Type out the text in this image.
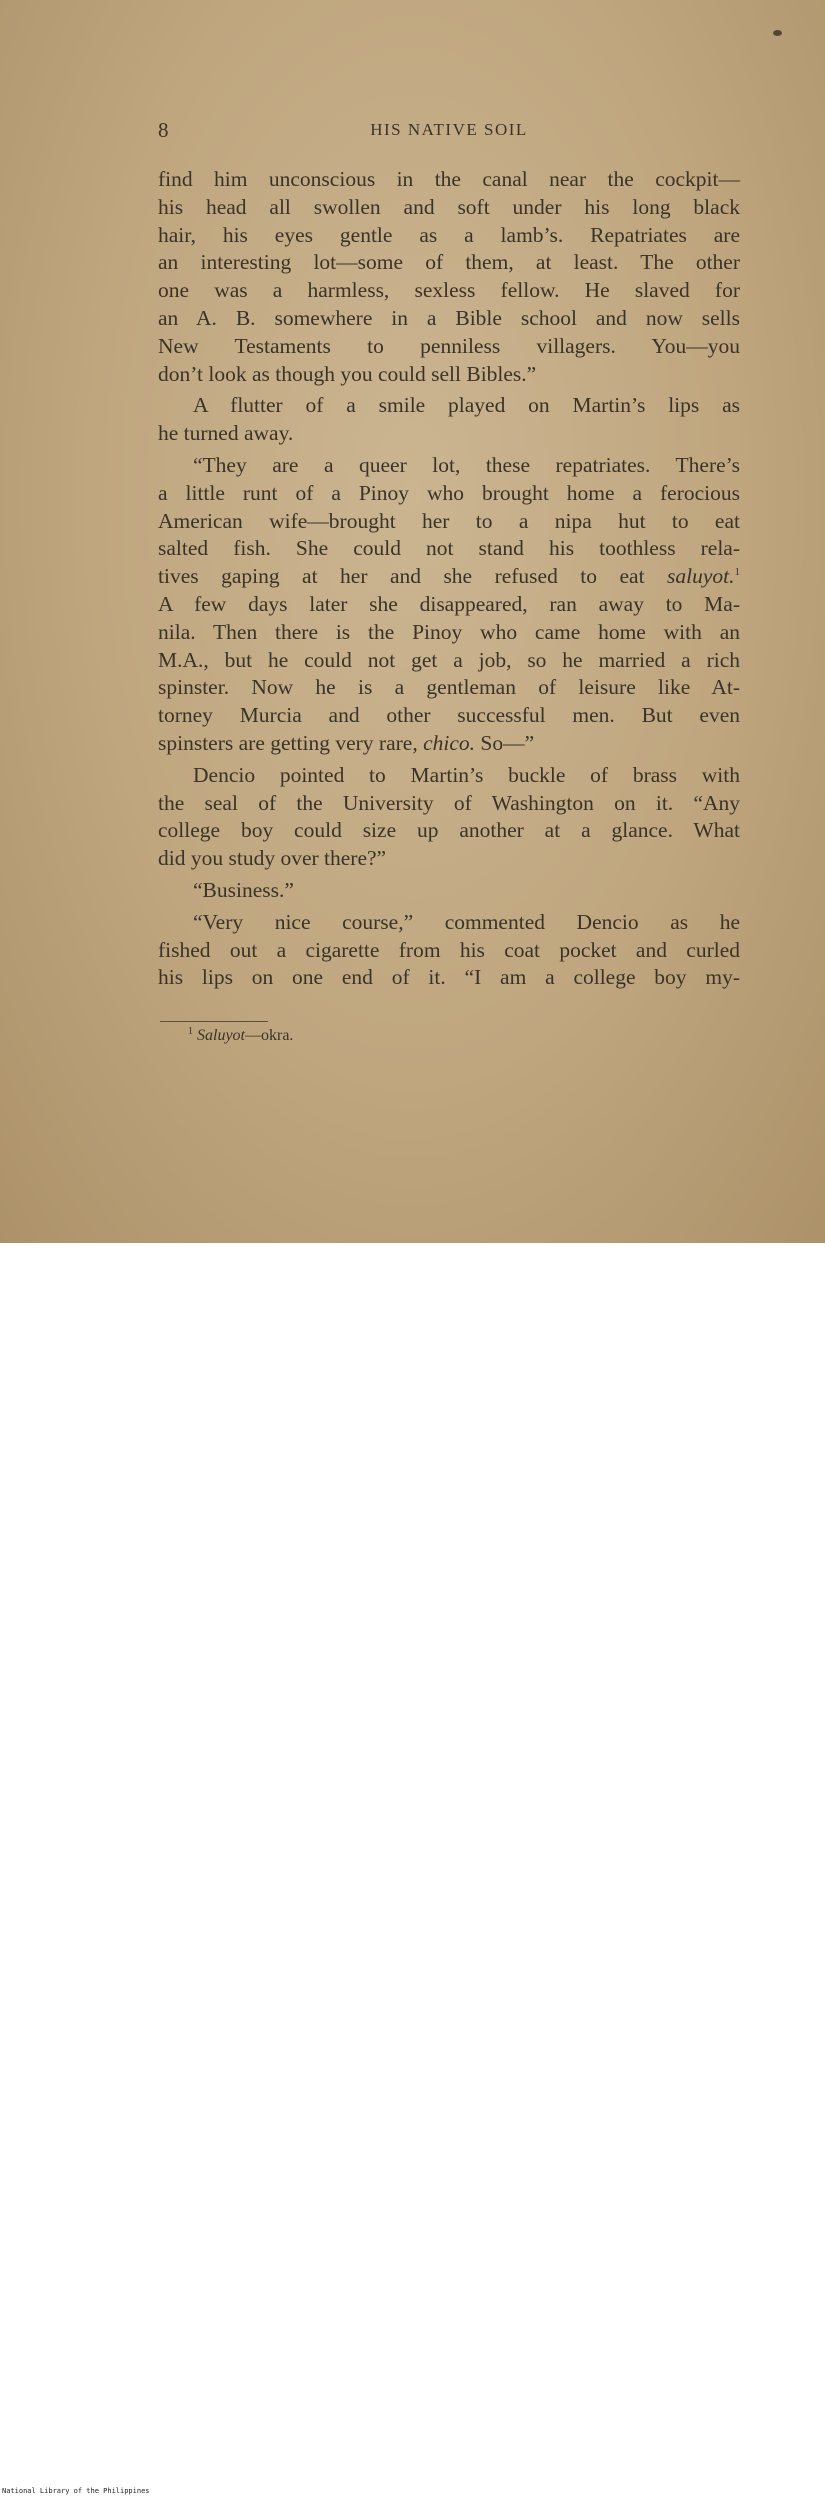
8	HIS NATIVE SOIL

find him unconscious in the canal near the cockpit—
his head all swollen and soft under his long black
hair, his eyes gentle as a lamb’s. Repatriates are
an interesting lot—some of them, at least. The other
one was a harmless, sexless fellow. He slaved for
an A. B. somewhere in a Bible school and now sells
New Testaments to penniless villagers. You—you
don’t look as though you could sell Bibles.”

A flutter of a smile played on Martin’s lips as
he turned away.

“They are a queer lot, these repatriates. There’s
a little runt of a Pinoy who brought home a ferocious
American wife—brought her to a nipa hut to eat
salted fish. She could not stand his toothless rela-
tives gaping at her and she refused to eat saluyot.$^1$
A few days later she disappeared, ran away to Ma-
nila. Then there is the Pinoy who came home with an
M.A., but he could not get a job, so he married a rich
spinster. Now he is a gentleman of leisure like At-
torney Murcia and other successful men. But even
spinsters are getting very rare, chico. So—”

Dencio pointed to Martin’s buckle of brass with
the seal of the University of Washington on it. “Any
college boy could size up another at a glance. What
did you study over there?”

“Business.”

“Very nice course,” commented Dencio as he
fished out a cigarette from his coat pocket and curled
his lips on one end of it. “I am a college boy my-

$^1$ Saluyot—okra.
National Library of the Philippines
